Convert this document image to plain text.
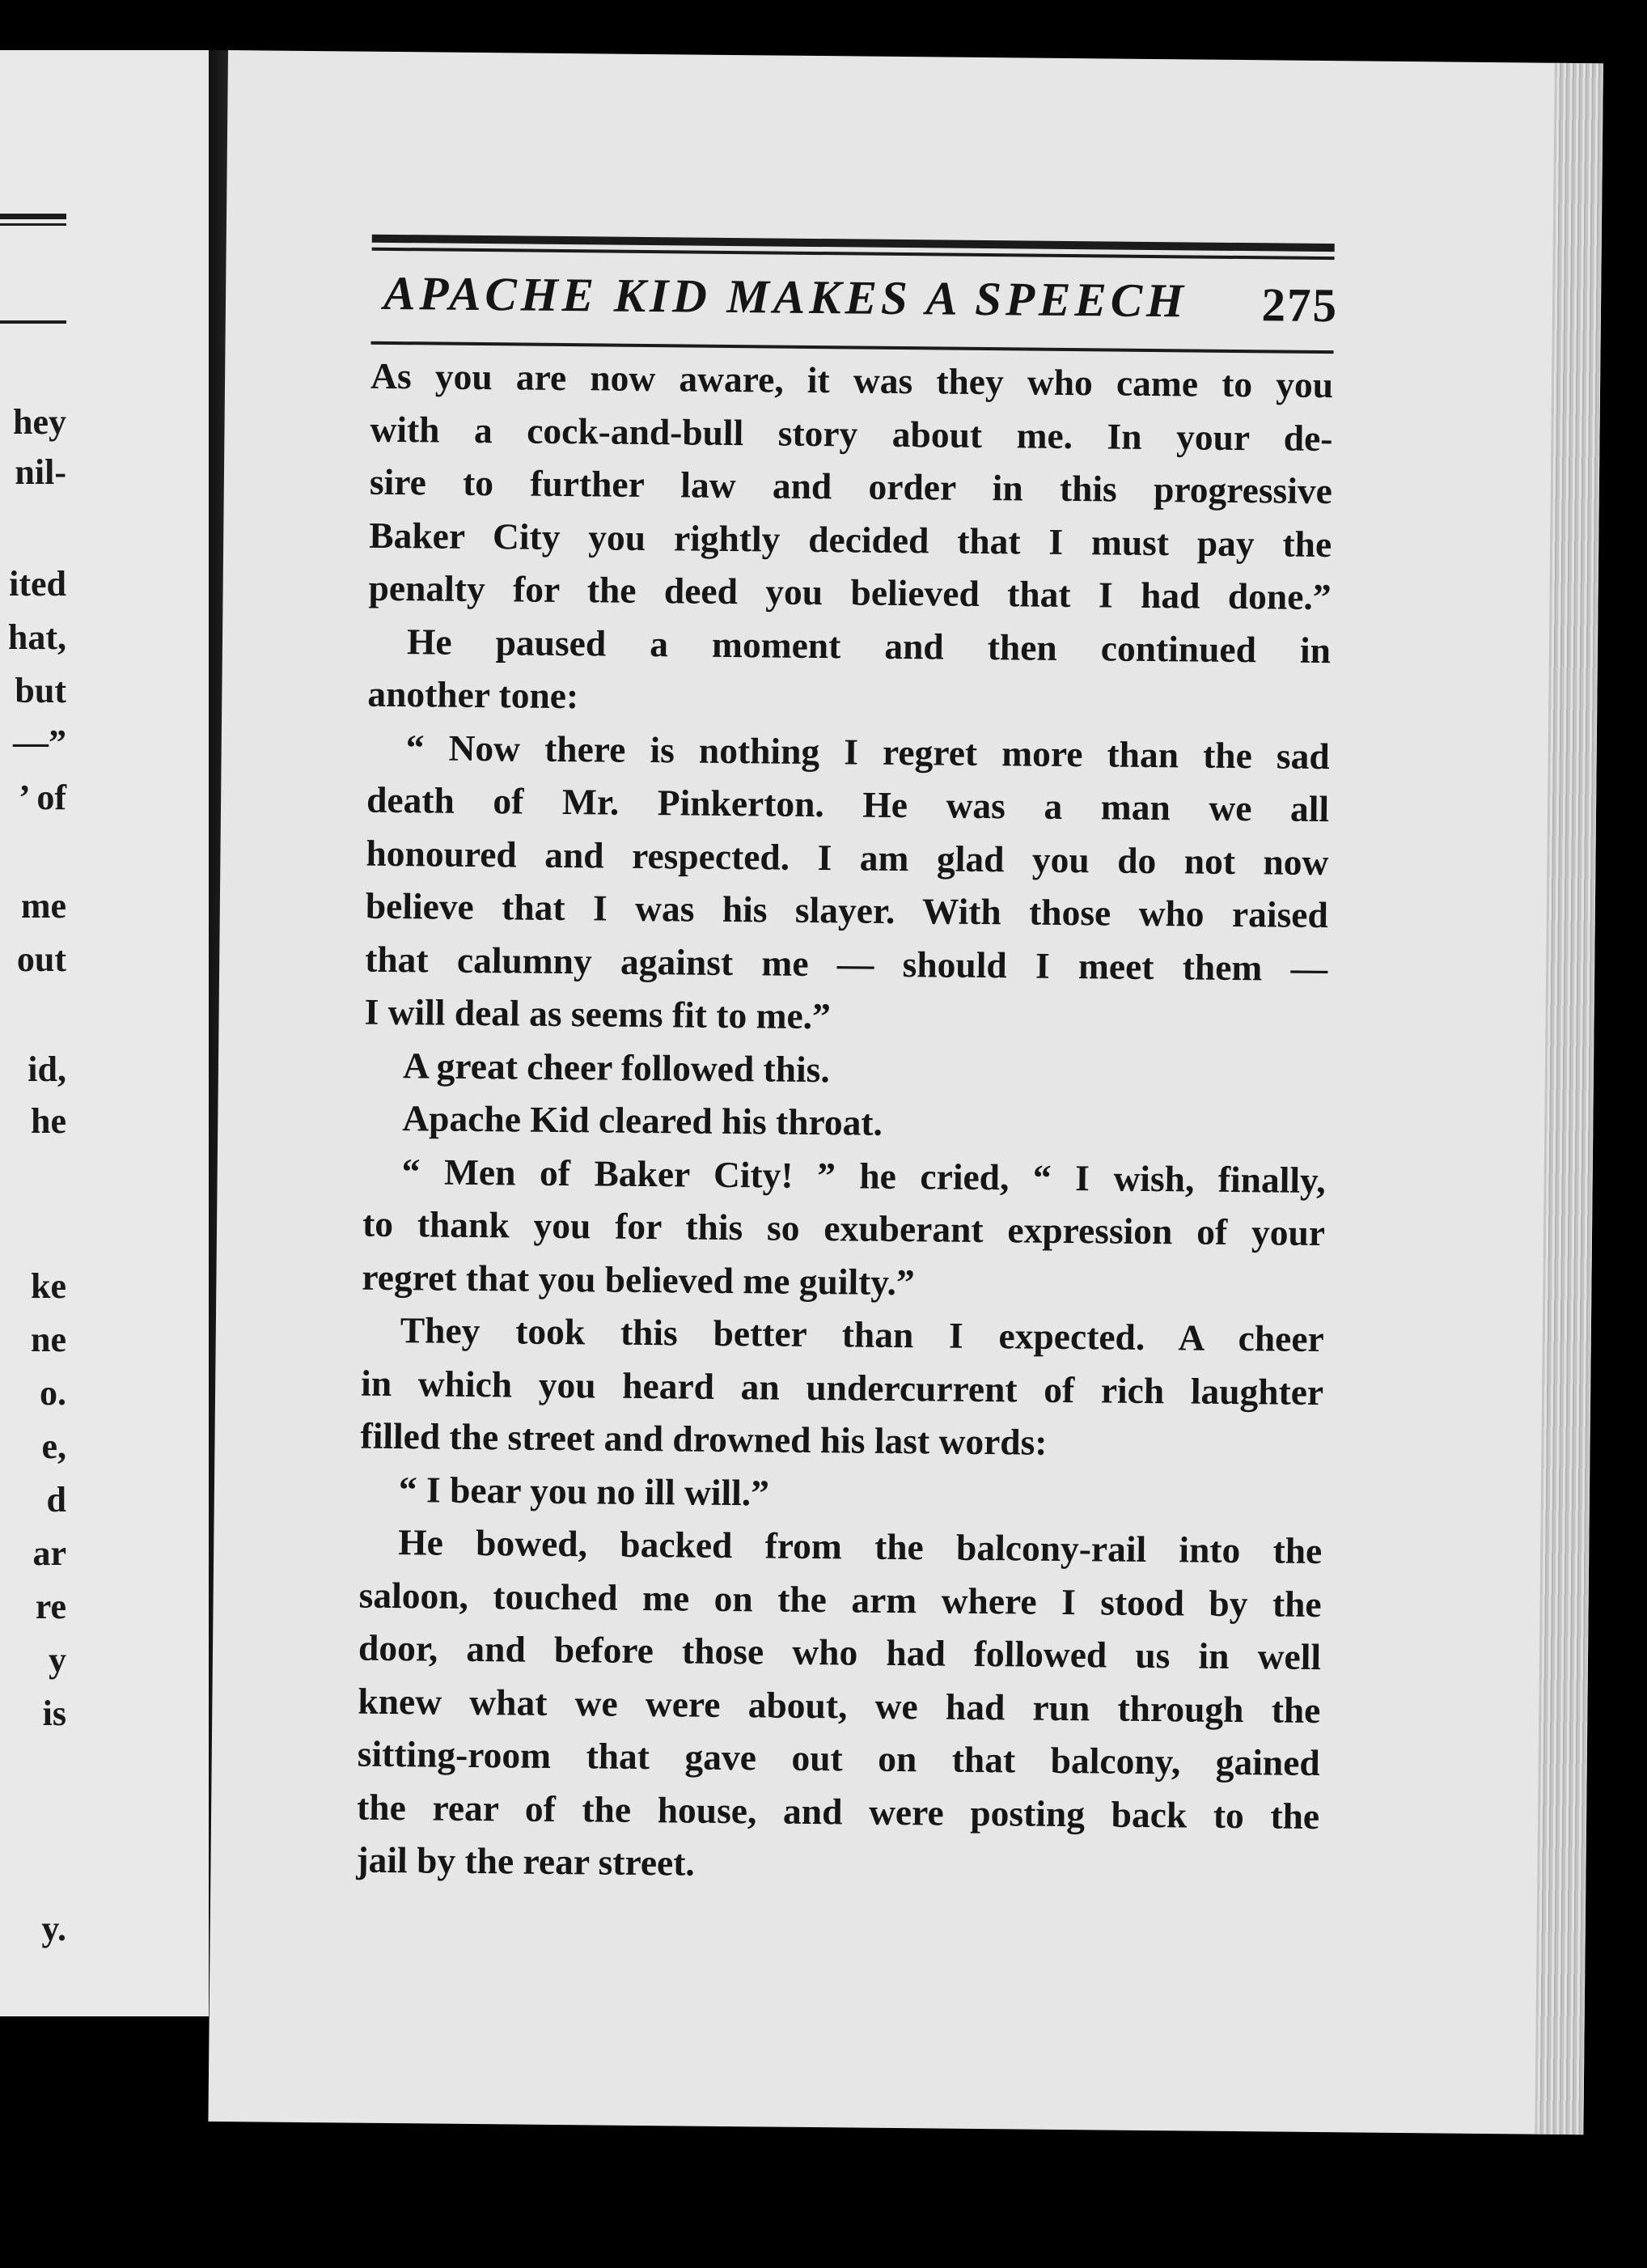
hey
nil-
ited
hat,
but
—”
’ of
me
out
id,
he
ke
ne
o.
e,
d
ar
re
y
is
y.
APACHE KID MAKES A SPEECH 275
As you are now aware, it was they who came to you
with a cock-and-bull story about me. In your de-
sire to further law and order in this progressive
Baker City you rightly decided that I must pay the
penalty for the deed you believed that I had done.”
He paused a moment and then continued in
another tone:
“ Now there is nothing I regret more than the sad
death of Mr. Pinkerton. He was a man we all
honoured and respected. I am glad you do not now
believe that I was his slayer. With those who raised
that calumny against me — should I meet them —
I will deal as seems fit to me.”
A great cheer followed this.
Apache Kid cleared his throat.
“ Men of Baker City! ” he cried, “ I wish, finally,
to thank you for this so exuberant expression of your
regret that you believed me guilty.”
They took this better than I expected. A cheer
in which you heard an undercurrent of rich laughter
filled the street and drowned his last words:
“ I bear you no ill will.”
He bowed, backed from the balcony-rail into the
saloon, touched me on the arm where I stood by the
door, and before those who had followed us in well
knew what we were about, we had run through the
sitting-room that gave out on that balcony, gained
the rear of the house, and were posting back to the
jail by the rear street.
